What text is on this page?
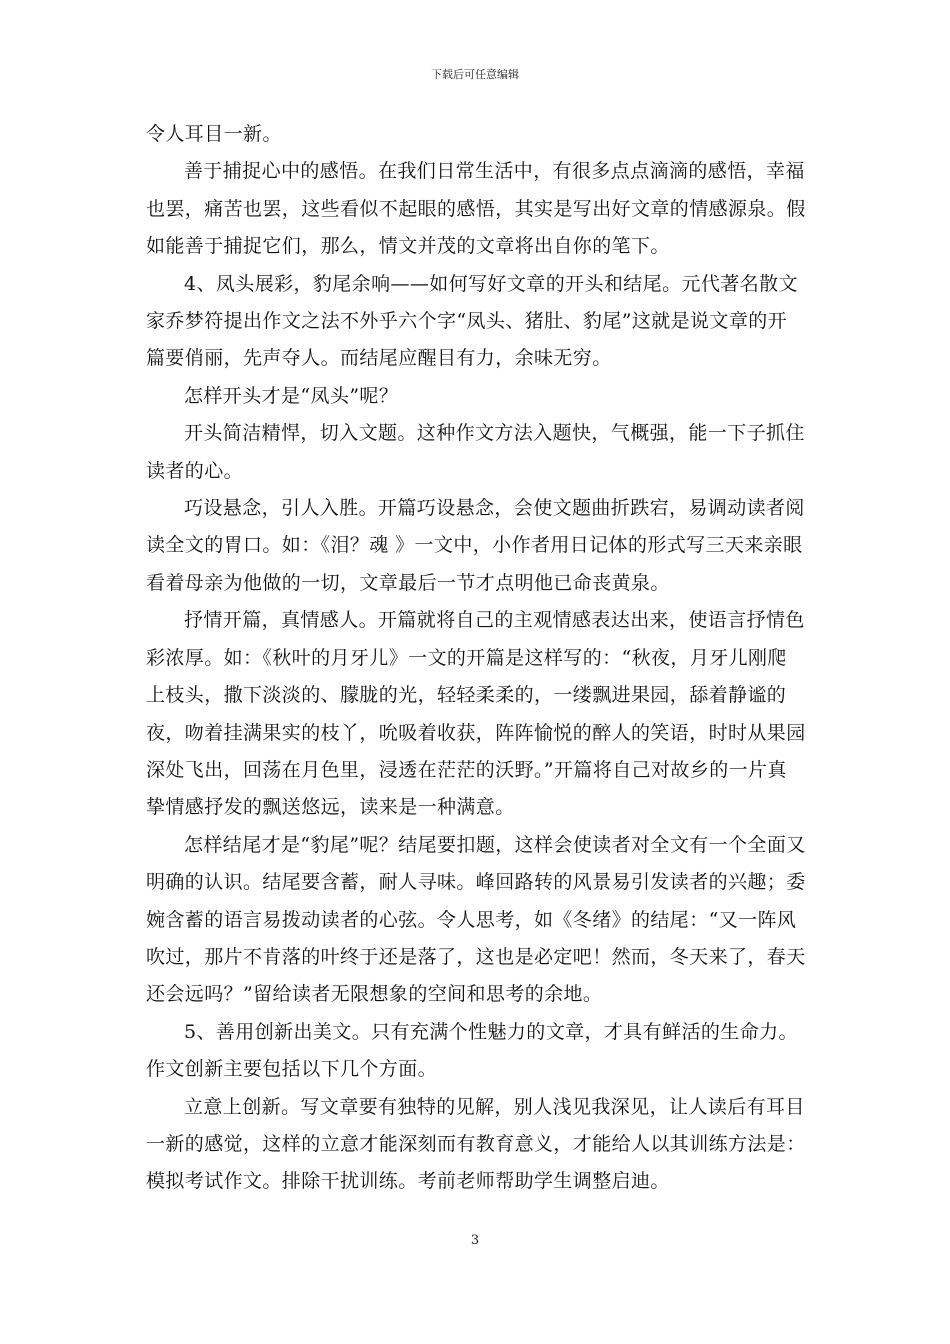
下载后可任意编辑

令人耳目一新。

善于捕捉心中的感悟。在我们日常生活中，有很多点点滴滴的感悟，幸福也罢，痛苦也罢，这些看似不起眼的感悟，其实是写出好文章的情感源泉。假如能善于捕捉它们，那么，情文并茂的文章将出自你的笔下。

4、凤头展彩，豹尾余响——如何写好文章的开头和结尾。元代著名散文家乔梦符提出作文之法不外乎六个字“凤头、猪肚、豹尾”这就是说文章的开篇要俏丽，先声夺人。而结尾应醒目有力，余味无穷。

怎样开头才是“凤头”呢？

开头简洁精悍，切入文题。这种作文方法入题快，气概强，能一下子抓住读者的心。

巧设悬念，引人入胜。开篇巧设悬念，会使文题曲折跌宕，易调动读者阅读全文的胃口。如：《泪？魂 》一文中，小作者用日记体的形式写三天来亲眼看着母亲为他做的一切，文章最后一节才点明他已命丧黄泉。

抒情开篇，真情感人。开篇就将自己的主观情感表达出来，使语言抒情色彩浓厚。如：《秋叶的月牙儿》一文的开篇是这样写的：“秋夜，月牙儿刚爬上枝头，撒下淡淡的、朦胧的光，轻轻柔柔的，一缕飘进果园，舔着静谧的夜，吻着挂满果实的枝丫，吮吸着收获，阵阵愉悦的醉人的笑语，时时从果园深处飞出，回荡在月色里，浸透在茫茫的沃野。”开篇将自己对故乡的一片真挚情感抒发的飘送悠远，读来是一种满意。

怎样结尾才是“豹尾”呢？结尾要扣题，这样会使读者对全文有一个全面又明确的认识。结尾要含蓄，耐人寻味。峰回路转的风景易引发读者的兴趣；委婉含蓄的语言易拨动读者的心弦。令人思考，如《冬绪》的结尾：“又一阵风吹过，那片不肯落的叶终于还是落了，这也是必定吧！然而，冬天来了，春天还会远吗？”留给读者无限想象的空间和思考的余地。

5、善用创新出美文。只有充满个性魅力的文章，才具有鲜活的生命力。作文创新主要包括以下几个方面。

立意上创新。写文章要有独特的见解，别人浅见我深见，让人读后有耳目一新的感觉，这样的立意才能深刻而有教育意义，才能给人以其训练方法是：模拟考试作文。排除干扰训练。考前老师帮助学生调整启迪。

3
